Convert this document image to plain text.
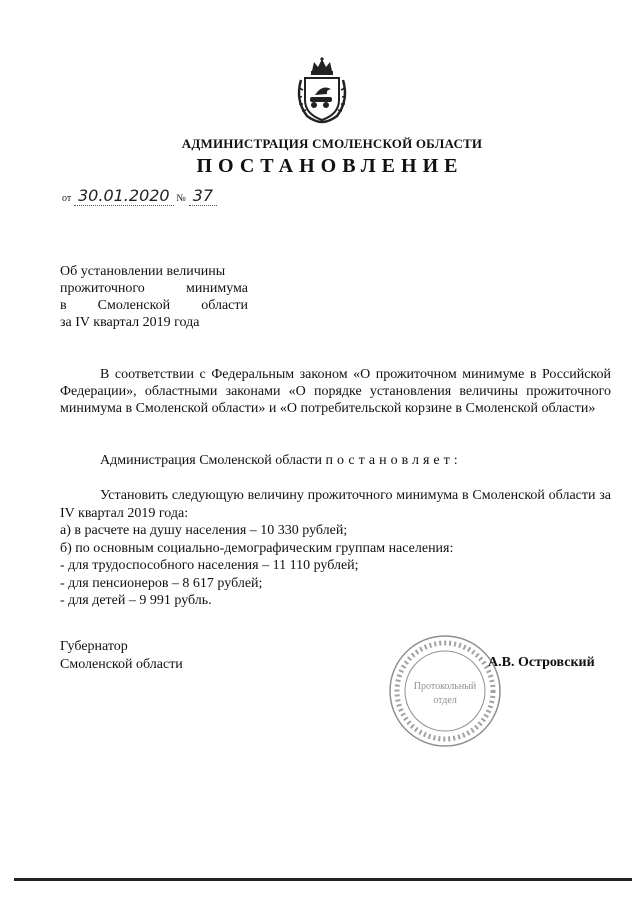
АДМИНИСТРАЦИЯ СМОЛЕНСКОЙ ОБЛАСТИ
ПОСТАНОВЛЕНИЕ
от 30.01.2020 № 37
Об установлении величины
прожиточного минимума
в Смоленской области
за IV квартал 2019 года
В соответствии с Федеральным законом «О прожиточном минимуме в Российской Федерации», областными законами «О порядке установления величины прожиточного минимума в Смоленской области» и «О потребительской корзине в Смоленской области»
Администрация Смоленской области постановляет:
Установить следующую величину прожиточного минимума в Смоленской области за IV квартал 2019 года:
а) в расчете на душу населения – 10 330 рублей;
б) по основным социально-демографическим группам населения:
- для трудоспособного населения – 11 110 рублей;
- для пенсионеров – 8 617 рублей;
- для детей – 9 991 рубль.
Губернатор
Смоленской области
Протокольный
отдел
А.В. Островский
